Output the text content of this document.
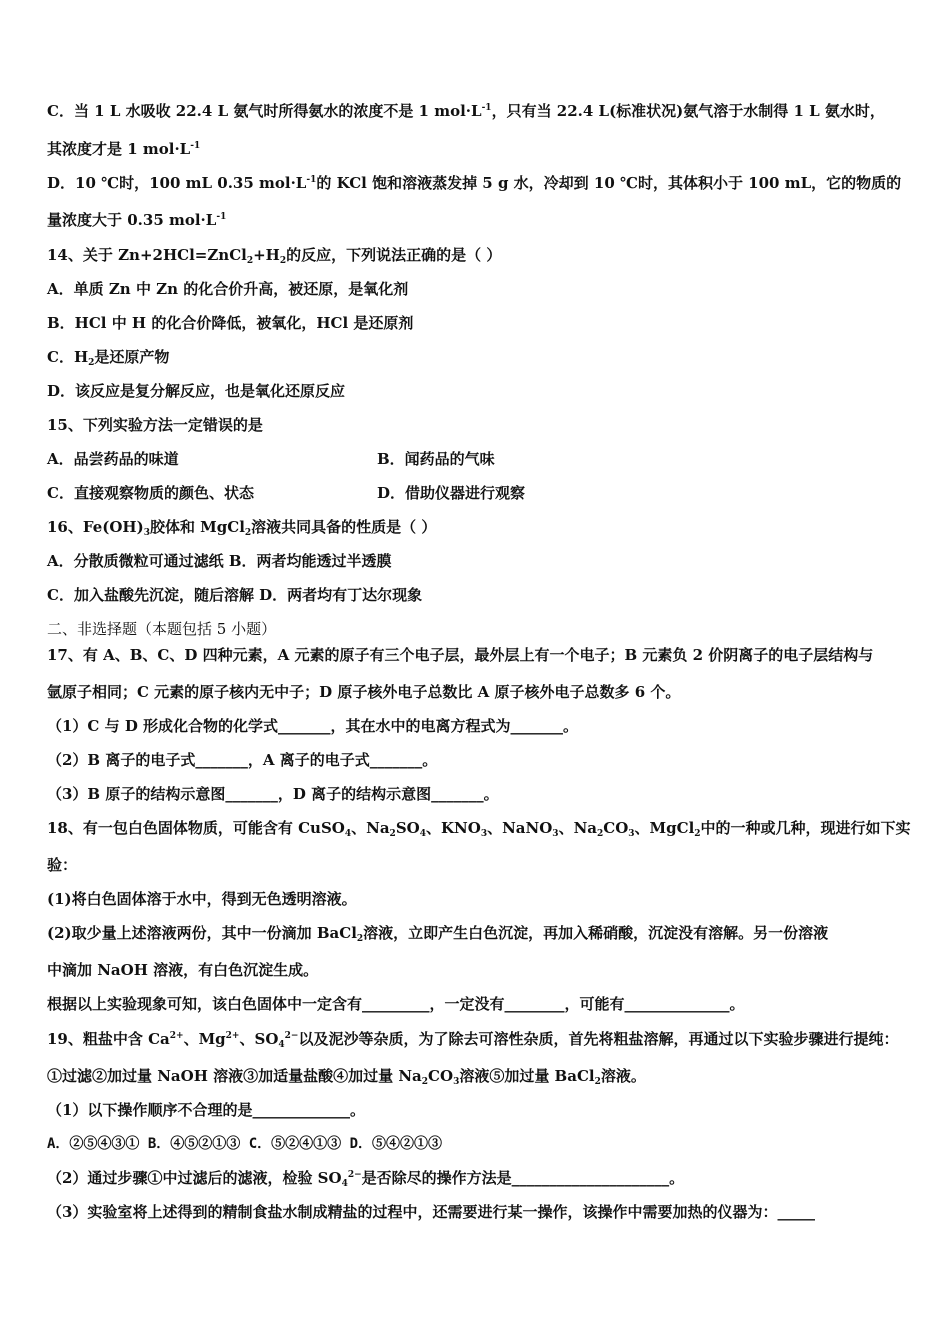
C．当 1 L 水吸收 22.4 L 氨气时所得氨水的浓度不是 1 $mol\cdot L^{-1}$，只有当 22.4 L(标准状况)氨气溶于水制得 1 L 氨水时，
其浓度才是 1 $mol\cdot L^{-1}$
D．10 ℃时，100 mL 0.35 $mol\cdot L^{-1}$的 KCl 饱和溶液蒸发掉 5 g 水，冷却到 10 ℃时，其体积小于 100 mL，它的物质的
量浓度大于 0.35 $mol\cdot L^{-1}$
14、关于 $Zn+2HCl=ZnCl_2+H_2$的反应，下列说法正确的是（ ）
A．单质 Zn 中 Zn 的化合价升高，被还原，是氧化剂
B．HCl 中 H 的化合价降低，被氧化，HCl 是还原剂
C．$H_2$是还原产物
D．该反应是复分解反应，也是氧化还原反应
15、下列实验方法一定错误的是
A．品尝药品的味道	B．闻药品的气味
C．直接观察物质的颜色、状态	D．借助仪器进行观察
16、$Fe(OH)_3$胶体和 MgCl$_2$溶液共同具备的性质是（ ）
A．分散质微粒可通过滤纸 B．两者均能透过半透膜
C．加入盐酸先沉淀，随后溶解 D．两者均有丁达尔现象
二、非选择题（本题包括 5 小题）
17、有 A、B、C、D 四种元素，A 元素的原子有三个电子层，最外层上有一个电子；B 元素负 2 价阴离子的电子层结构与
氩原子相同；C 元素的原子核内无中子；D 原子核外电子总数比 A 原子核外电子总数多 6 个。
（1）C 与 D 形成化合物的化学式_______，其在水中的电离方程式为_______。
（2）B 离子的电子式_______，A 离子的电子式_______。
（3）B 原子的结构示意图_______，D 离子的结构示意图_______。
18、有一包白色固体物质，可能含有 CuSO$_4$、$Na_2SO_4$、$KNO_3$、NaNO$_3$、$Na_2CO_3$、MgCl$_2$中的一种或几种，现进行如下实
验：
(1)将白色固体溶于水中，得到无色透明溶液。
(2)取少量上述溶液两份，其中一份滴加 BaCl$_2$溶液，立即产生白色沉淀，再加入稀硝酸，沉淀没有溶解。另一份溶液
中滴加 NaOH 溶液，有白色沉淀生成。
根据以上实验现象可知，该白色固体中一定含有_________，一定没有________，可能有______________。
19、粗盐中含 $Ca^{2+}$、$Mg^{2+}$、$SO_4^{2-}$以及泥沙等杂质，为了除去可溶性杂质，首先将粗盐溶解，再通过以下实验步骤进行提纯：
①过滤②加过量 NaOH 溶液③加适量盐酸④加过量 $Na_2CO_3$溶液⑤加过量 BaCl$_2$溶液。
（1）以下操作顺序不合理的是_____________。
A．②⑤④③① B．④⑤②①③ C．⑤②④①③ D．⑤④②①③
（2）通过步骤①中过滤后的滤液，检验 $SO_4^{2-}$是否除尽的操作方法是_____________________。
（3）实验室将上述得到的精制食盐水制成精盐的过程中，还需要进行某一操作，该操作中需要加热的仪器为：_____
